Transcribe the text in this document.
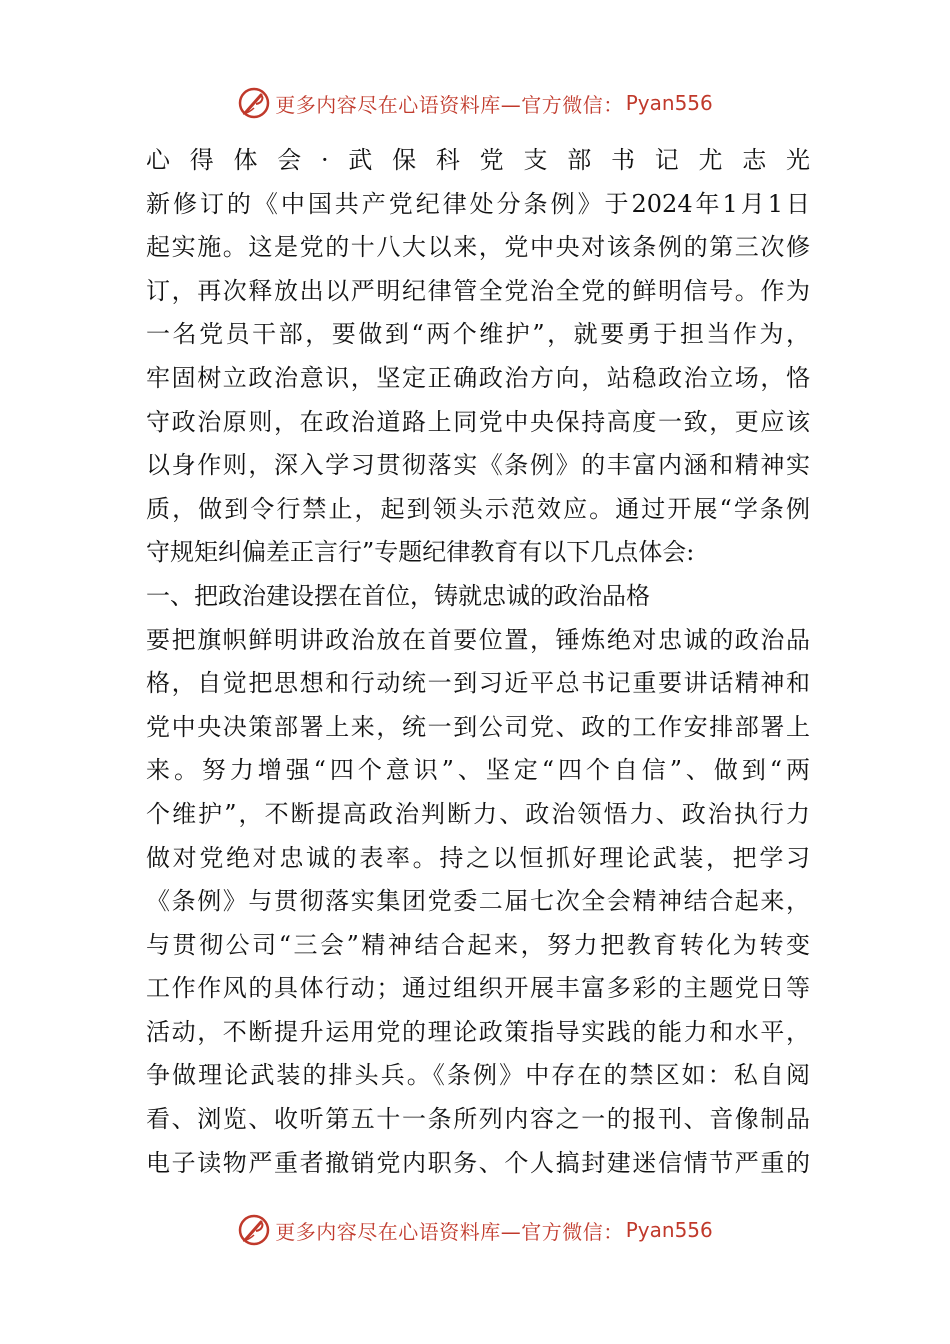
更多内容尽在心语资料库—官方微信： Pyan556
心得体会·武保科党支部书记尤志光
新修订的《中国共产党纪律处分条例》于2024年1月1日
起实施。这是党的十八大以来，党中央对该条例的第三次修
订，再次释放出以严明纪律管全党治全党的鲜明信号。作为
一名党员干部，要做到“两个维护”，就要勇于担当作为，
牢固树立政治意识，坚定正确政治方向，站稳政治立场，恪
守政治原则，在政治道路上同党中央保持高度一致，更应该
以身作则，深入学习贯彻落实《条例》的丰富内涵和精神实
质，做到令行禁止，起到领头示范效应。通过开展“学条例
守规矩纠偏差正言行”专题纪律教育有以下几点体会:
一、把政治建设摆在首位，铸就忠诚的政治品格
要把旗帜鲜明讲政治放在首要位置，锤炼绝对忠诚的政治品
格，自觉把思想和行动统一到习近平总书记重要讲话精神和
党中央决策部署上来，统一到公司党、政的工作安排部署上
来。努力增强“四个意识”、坚定“四个自信”、做到“两
个维护”，不断提高政治判断力、政治领悟力、政治执行力
做对党绝对忠诚的表率。持之以恒抓好理论武装，把学习
《条例》与贯彻落实集团党委二届七次全会精神结合起来，
与贯彻公司“三会”精神结合起来，努力把教育转化为转变
工作作风的具体行动；通过组织开展丰富多彩的主题党日等
活动，不断提升运用党的理论政策指导实践的能力和水平，
争做理论武装的排头兵。《条例》中存在的禁区如：私自阅
看、浏览、收听第五十一条所列内容之一的报刊、音像制品
电子读物严重者撤销党内职务、个人搞封建迷信情节严重的
更多内容尽在心语资料库—官方微信： Pyan556
